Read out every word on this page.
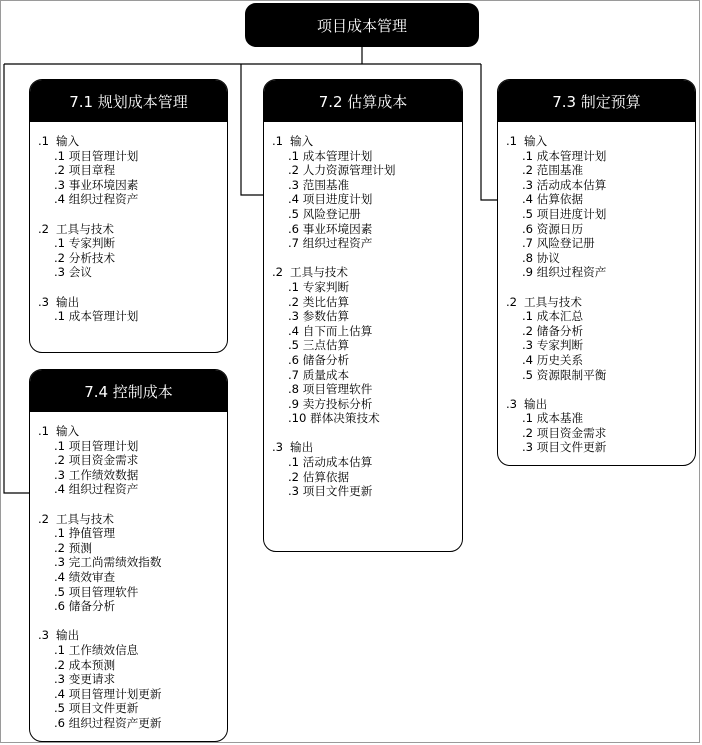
项目成本管理
7.1 规划成本管理
.1 输入
.1 项目管理计划
.2 项目章程
.3 事业环境因素
.4 组织过程资产
.2 工具与技术
.1 专家判断
.2 分析技术
.3 会议
.3 输出
.1 成本管理计划
7.2 估算成本
.1 输入
.1 成本管理计划
.2 人力资源管理计划
.3 范围基准
.4 项目进度计划
.5 风险登记册
.6 事业环境因素
.7 组织过程资产
.2 工具与技术
.1 专家判断
.2 类比估算
.3 参数估算
.4 自下而上估算
.5 三点估算
.6 储备分析
.7 质量成本
.8 项目管理软件
.9 卖方投标分析
.10 群体决策技术
.3 输出
.1 活动成本估算
.2 估算依据
.3 项目文件更新
7.3 制定预算
.1 输入
.1 成本管理计划
.2 范围基准
.3 活动成本估算
.4 估算依据
.5 项目进度计划
.6 资源日历
.7 风险登记册
.8 协议
.9 组织过程资产
.2 工具与技术
.1 成本汇总
.2 储备分析
.3 专家判断
.4 历史关系
.5 资源限制平衡
.3 输出
.1 成本基准
.2 项目资金需求
.3 项目文件更新
7.4 控制成本
.1 输入
.1 项目管理计划
.2 项目资金需求
.3 工作绩效数据
.4 组织过程资产
.2 工具与技术
.1 挣值管理
.2 预测
.3 完工尚需绩效指数
.4 绩效审查
.5 项目管理软件
.6 储备分析
.3 输出
.1 工作绩效信息
.2 成本预测
.3 变更请求
.4 项目管理计划更新
.5 项目文件更新
.6 组织过程资产更新
